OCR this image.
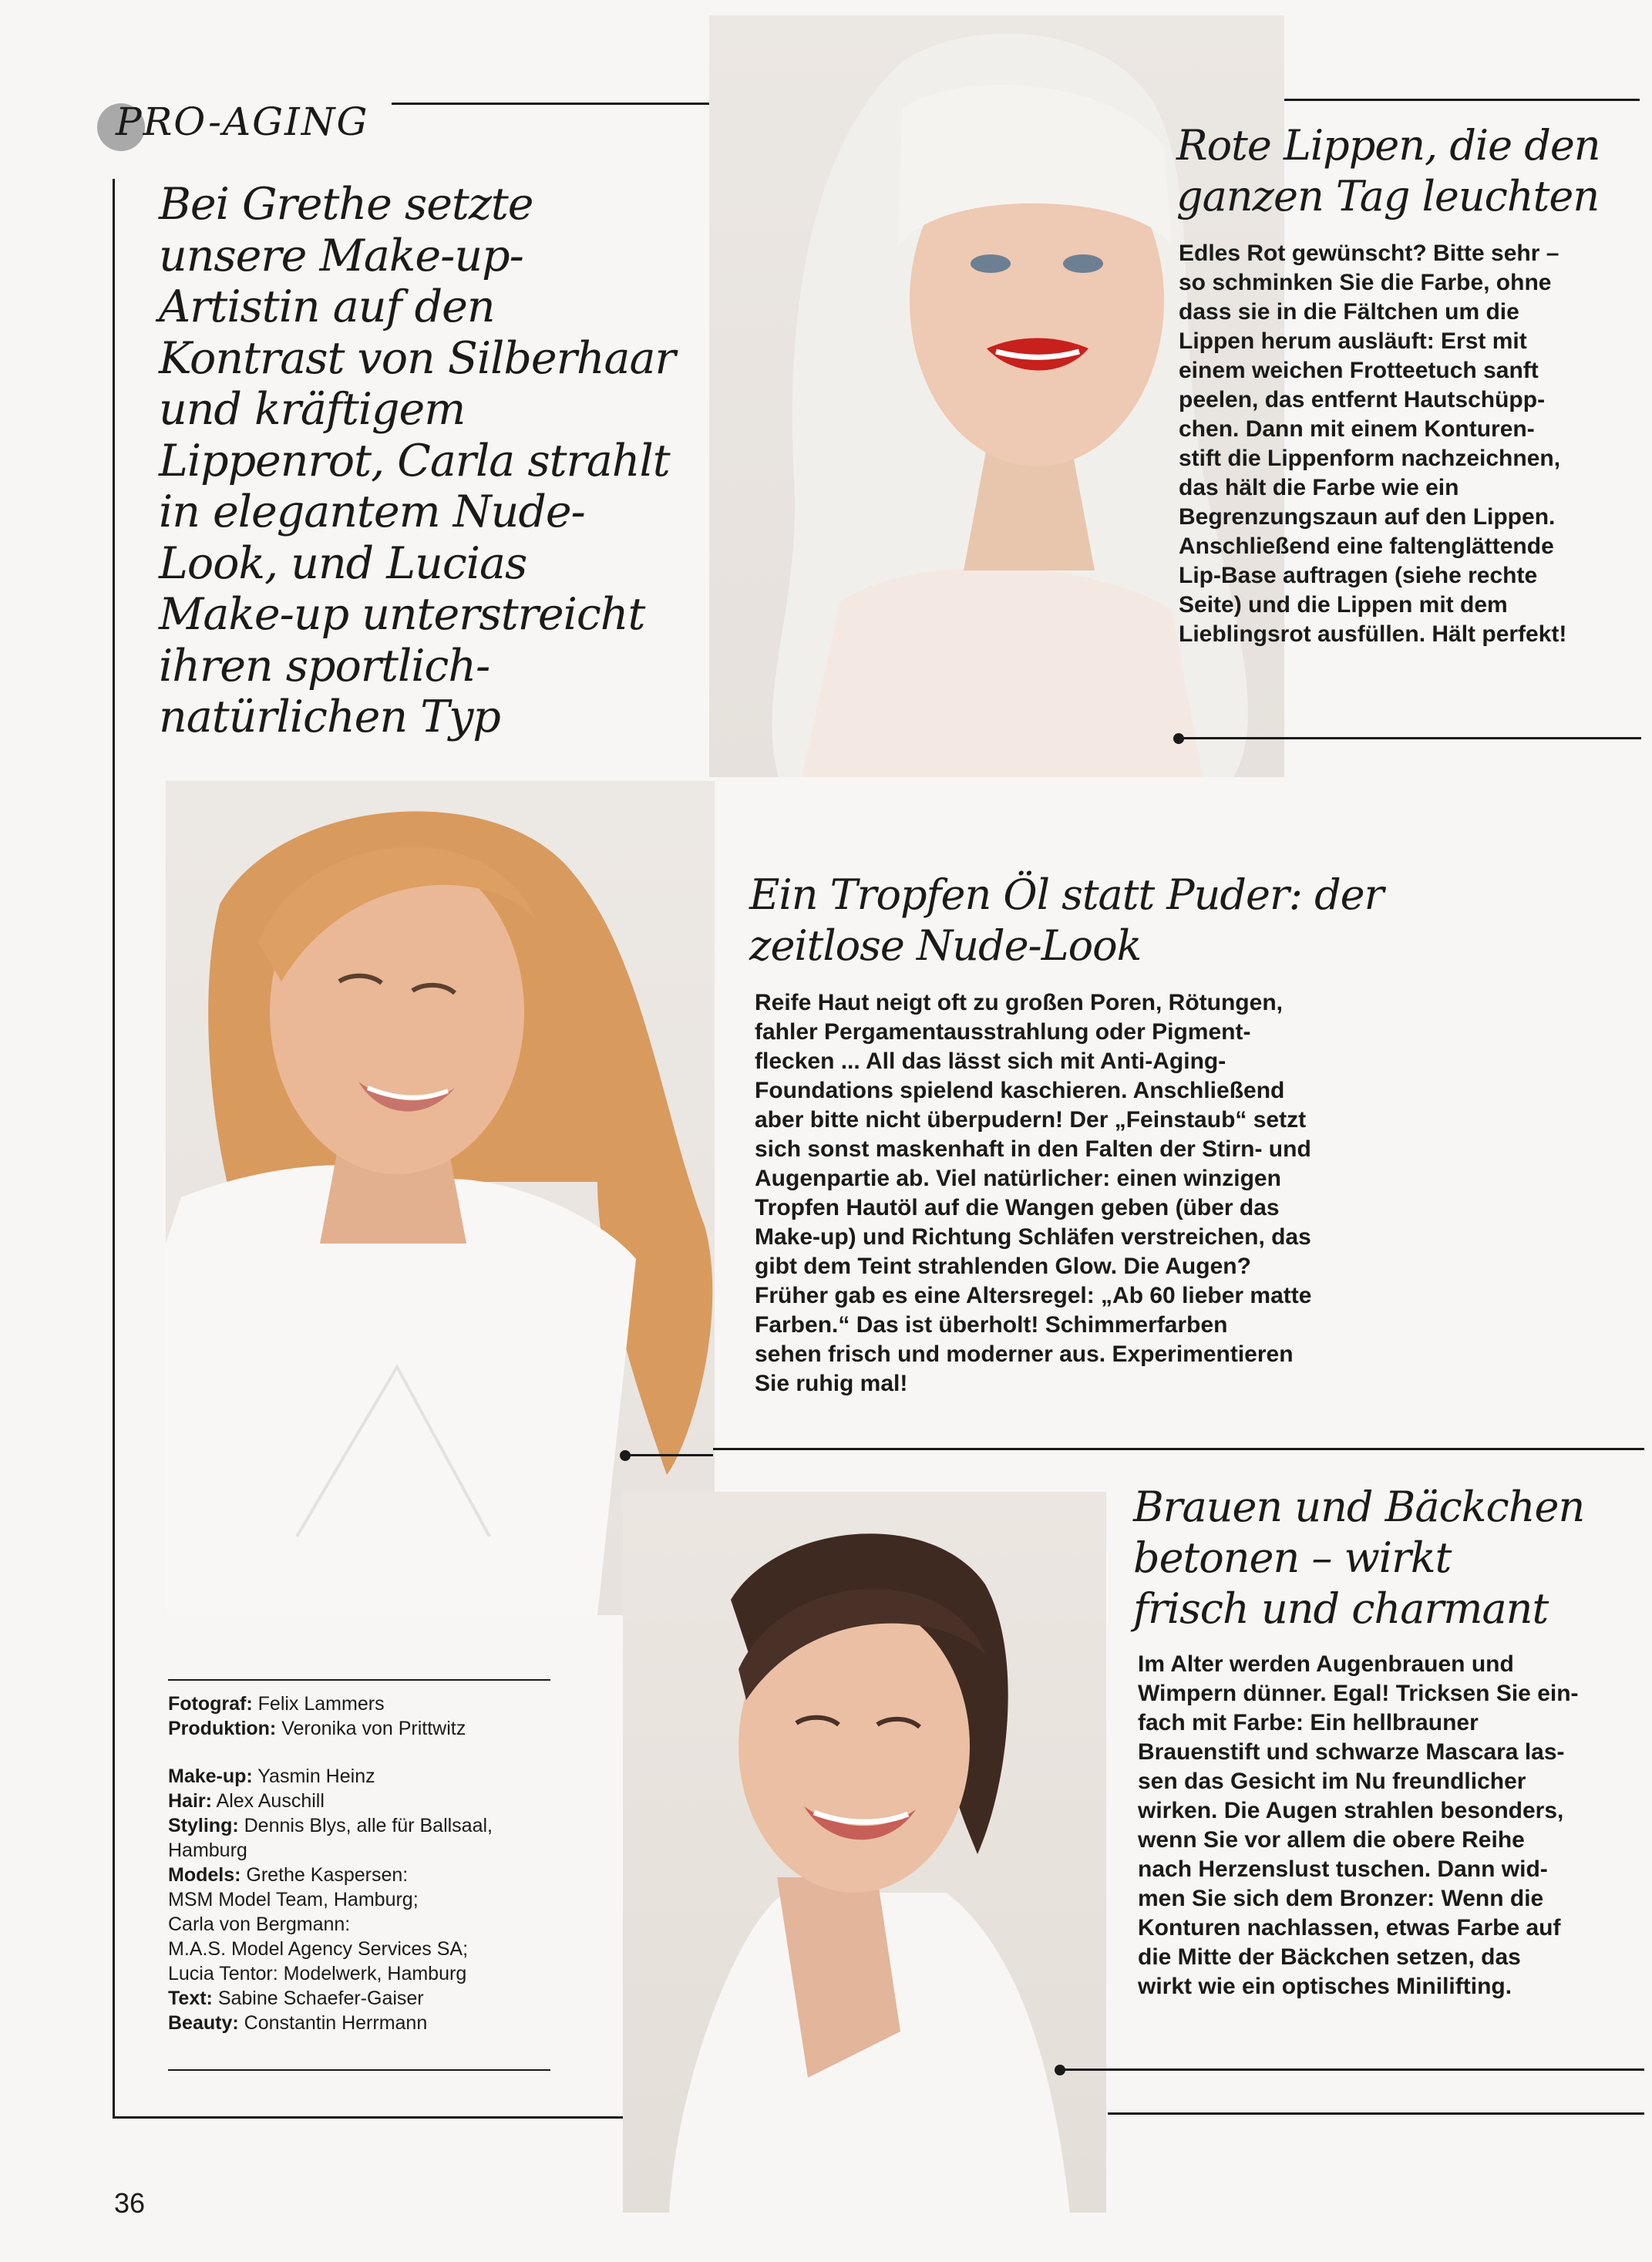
PRO-AGING
Bei Grethe setzte
unsere Make-up-
Artistin auf den
Kontrast von Silberhaar
und kräftigem
Lippenrot, Carla strahlt
in elegantem Nude-
Look, und Lucias
Make-up unterstreicht
ihren sportlich-
natürlichen Typ
Rote Lippen, die den
ganzen Tag leuchten
Edles Rot gewünscht? Bitte sehr –
so schminken Sie die Farbe, ohne
dass sie in die Fältchen um die
Lippen herum ausläuft: Erst mit
einem weichen Frotteetuch sanft
peelen, das entfernt Hautschüpp-
chen. Dann mit einem Konturen-
stift die Lippenform nachzeichnen,
das hält die Farbe wie ein
Begrenzungszaun auf den Lippen.
Anschließend eine faltenglättende
Lip-Base auftragen (siehe rechte
Seite) und die Lippen mit dem
Lieblingsrot ausfüllen. Hält perfekt!
Ein Tropfen Öl statt Puder: der
zeitlose Nude-Look
Reife Haut neigt oft zu großen Poren, Rötungen,
fahler Pergamentausstrahlung oder Pigment-
flecken ... All das lässt sich mit Anti-Aging-
Foundations spielend kaschieren. Anschließend
aber bitte nicht überpudern! Der „Feinstaub“ setzt
sich sonst maskenhaft in den Falten der Stirn- und
Augenpartie ab. Viel natürlicher: einen winzigen
Tropfen Hautöl auf die Wangen geben (über das
Make-up) und Richtung Schläfen verstreichen, das
gibt dem Teint strahlenden Glow. Die Augen?
Früher gab es eine Altersregel: „Ab 60 lieber matte
Farben.“ Das ist überholt! Schimmerfarben
sehen frisch und moderner aus. Experimentieren
Sie ruhig mal!
Brauen und Bäckchen
betonen – wirkt
frisch und charmant
Im Alter werden Augenbrauen und
Wimpern dünner. Egal! Tricksen Sie ein-
fach mit Farbe: Ein hellbrauner
Brauenstift und schwarze Mascara las-
sen das Gesicht im Nu freundlicher
wirken. Die Augen strahlen besonders,
wenn Sie vor allem die obere Reihe
nach Herzenslust tuschen. Dann wid-
men Sie sich dem Bronzer: Wenn die
Konturen nachlassen, etwas Farbe auf
die Mitte der Bäckchen setzen, das
wirkt wie ein optisches Minilifting.
Fotograf: Felix Lammers
Produktion: Veronika von Prittwitz
Make-up: Yasmin Heinz
Hair: Alex Auschill
Styling: Dennis Blys, alle für Ballsaal,
Hamburg
Models: Grethe Kaspersen:
MSM Model Team, Hamburg;
Carla von Bergmann:
M.A.S. Model Agency Services SA;
Lucia Tentor: Modelwerk, Hamburg
Text: Sabine Schaefer-Gaiser
Beauty: Constantin Herrmann
36
